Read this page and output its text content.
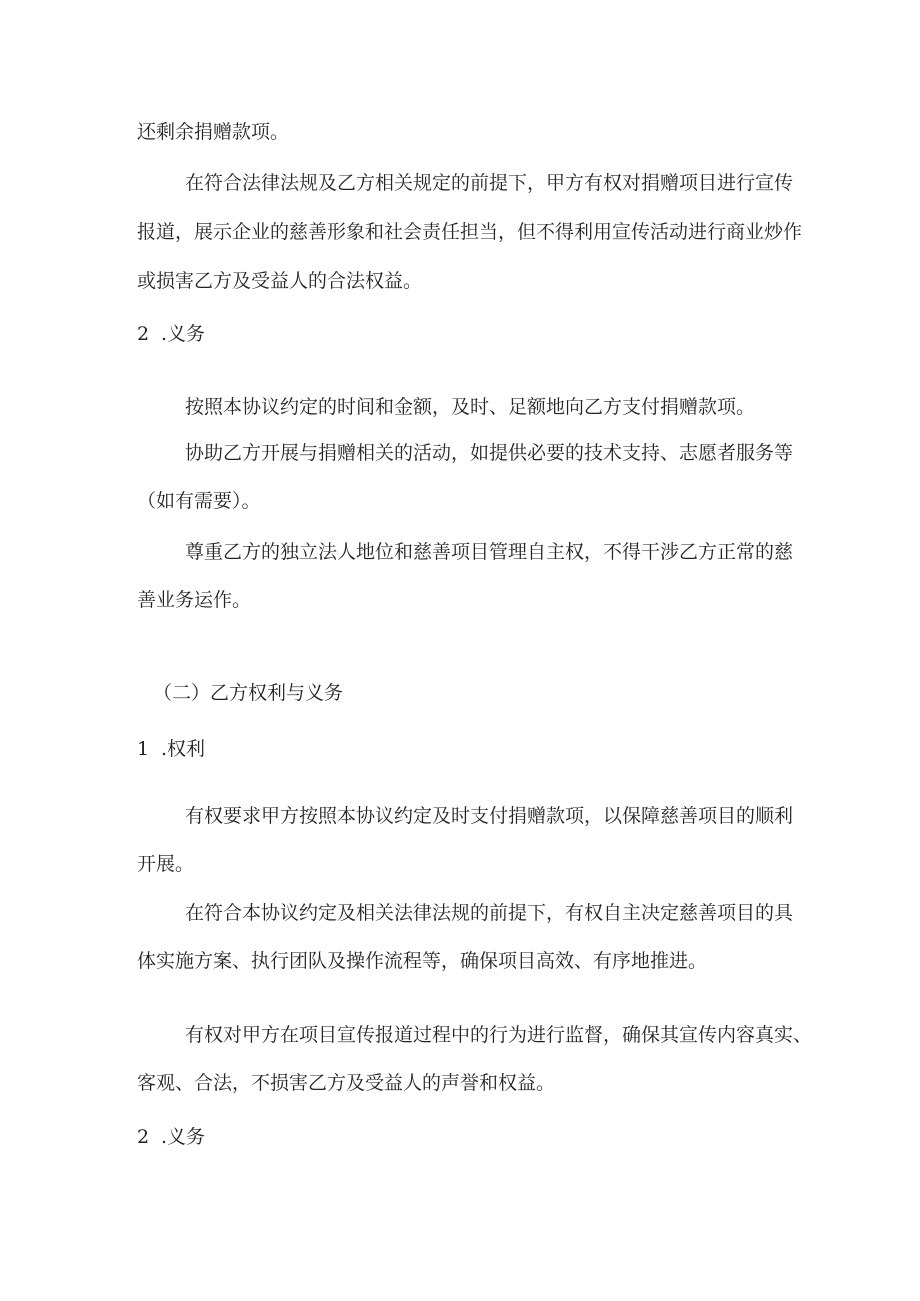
还剩余捐赠款项。

在符合法律法规及乙方相关规定的前提下，甲方有权对捐赠项目进行宣传

报道，展示企业的慈善形象和社会责任担当，但不得利用宣传活动进行商业炒作

或损害乙方及受益人的合法权益。

2 .义务

按照本协议约定的时间和金额，及时、足额地向乙方支付捐赠款项。

协助乙方开展与捐赠相关的活动，如提供必要的技术支持、志愿者服务等

（如有需要）。

尊重乙方的独立法人地位和慈善项目管理自主权，不得干涉乙方正常的慈

善业务运作。

（二）乙方权利与义务

1 .权利

有权要求甲方按照本协议约定及时支付捐赠款项，以保障慈善项目的顺利

开展。

在符合本协议约定及相关法律法规的前提下，有权自主决定慈善项目的具

体实施方案、执行团队及操作流程等，确保项目高效、有序地推进。

有权对甲方在项目宣传报道过程中的行为进行监督，确保其宣传内容真实、

客观、合法，不损害乙方及受益人的声誉和权益。

2 .义务
